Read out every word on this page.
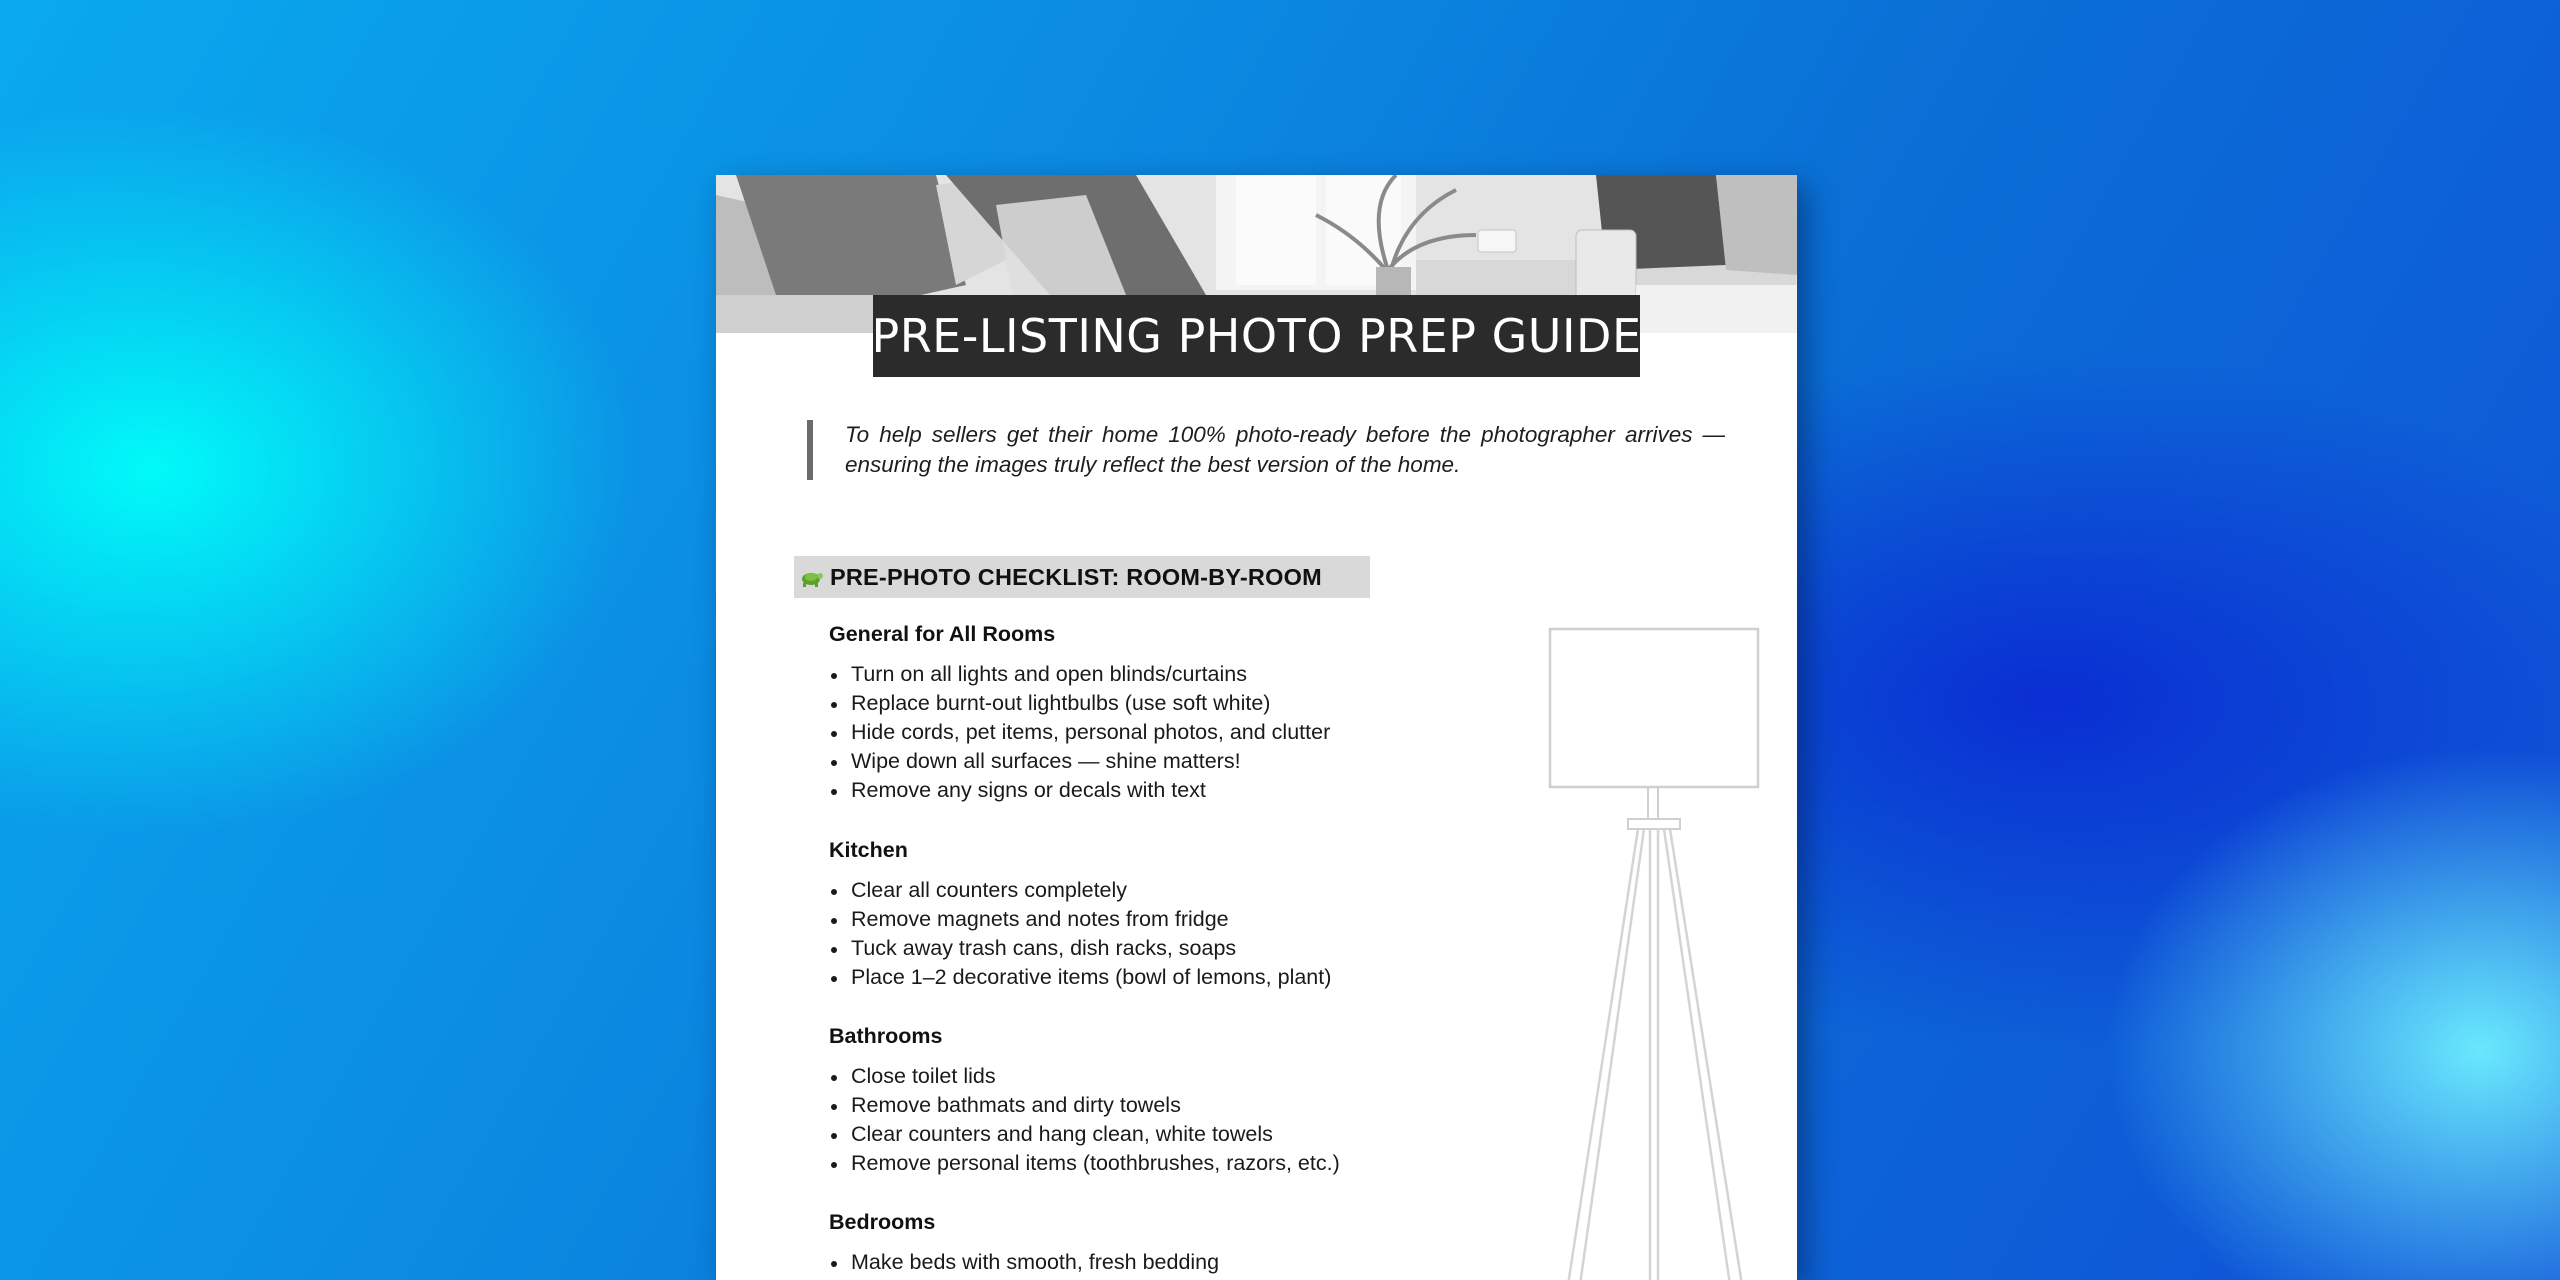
PRE-LISTING PHOTO PREP GUIDE

To help sellers get their home 100% photo-ready before the photographer arrives — ensuring the images truly reflect the best version of the home.

PRE-PHOTO CHECKLIST: ROOM-BY-ROOM
General for All Rooms
Turn on all lights and open blinds/curtains
Replace burnt-out lightbulbs (use soft white)
Hide cords, pet items, personal photos, and clutter
Wipe down all surfaces — shine matters!
Remove any signs or decals with text
Kitchen
Clear all counters completely
Remove magnets and notes from fridge
Tuck away trash cans, dish racks, soaps
Place 1–2 decorative items (bowl of lemons, plant)
Bathrooms
Close toilet lids
Remove bathmats and dirty towels
Clear counters and hang clean, white towels
Remove personal items (toothbrushes, razors, etc.)
Bedrooms
Make beds with smooth, fresh bedding
